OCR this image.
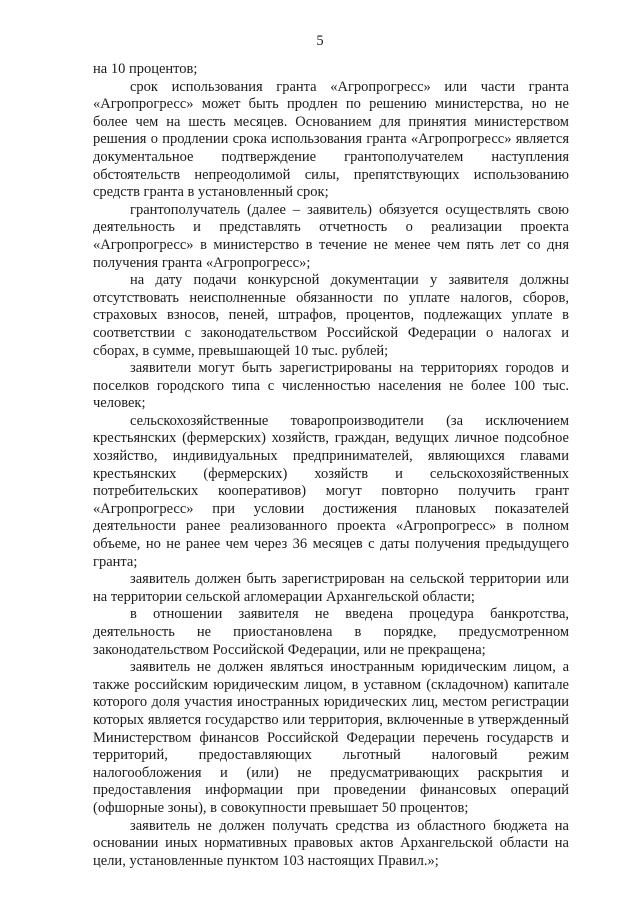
5

на 10 процентов;

срок использования гранта «Агропрогресс» или части гранта «Агропрогресс» может быть продлен по решению министерства, но не более чем на шесть месяцев. Основанием для принятия министерством решения о продлении срока использования гранта «Агропрогресс» является документальное подтверждение грантополучателем наступления обстоятельств непреодолимой силы, препятствующих использованию средств гранта в установленный срок;

грантополучатель (далее – заявитель) обязуется осуществлять свою деятельность и представлять отчетность о реализации проекта «Агропрогресс» в министерство в течение не менее чем пять лет со дня получения гранта «Агропрогресс»;

на дату подачи конкурсной документации у заявителя должны отсутствовать неисполненные обязанности по уплате налогов, сборов, страховых взносов, пеней, штрафов, процентов, подлежащих уплате в соответствии с законодательством Российской Федерации о налогах и сборах, в сумме, превышающей 10 тыс. рублей;

заявители могут быть зарегистрированы на территориях городов и поселков городского типа с численностью населения не более 100 тыс. человек;

сельскохозяйственные товаропроизводители (за исключением крестьянских (фермерских) хозяйств, граждан, ведущих личное подсобное хозяйство, индивидуальных предпринимателей, являющихся главами крестьянских (фермерских) хозяйств и сельскохозяйственных потребительских кооперативов) могут повторно получить грант «Агропрогресс» при условии достижения плановых показателей деятельности ранее реализованного проекта «Агропрогресс» в полном объеме, но не ранее чем через 36 месяцев с даты получения предыдущего гранта;

заявитель должен быть зарегистрирован на сельской территории или на территории сельской агломерации Архангельской области;

в отношении заявителя не введена процедура банкротства, деятельность не приостановлена в порядке, предусмотренном законодательством Российской Федерации, или не прекращена;

заявитель не должен являться иностранным юридическим лицом, а также российским юридическим лицом, в уставном (складочном) капитале которого доля участия иностранных юридических лиц, местом регистрации которых является государство или территория, включенные в утвержденный Министерством финансов Российской Федерации перечень государств и территорий, предоставляющих льготный налоговый режим налогообложения и (или) не предусматривающих раскрытия и предоставления информации при проведении финансовых операций (офшорные зоны), в совокупности превышает 50 процентов;

заявитель не должен получать средства из областного бюджета на основании иных нормативных правовых актов Архангельской области на цели, установленные пунктом 103 настоящих Правил.»;
